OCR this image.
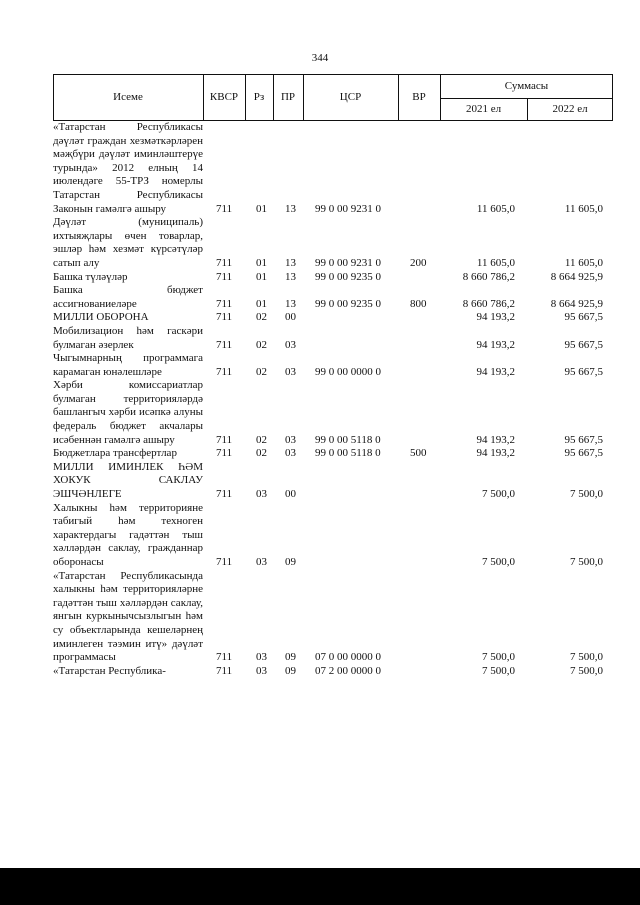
344
Исеме	КВСР	Рз	ПР	ЦСР	ВР
Суммасы
2021 ел	2022 ел
«Татарстан Республикасы дәүләт граждан хезмәткәрләрен мәҗбүри дәүләт иминләштерүе турында» 2012 елның 14 июлендәге 55-ТРЗ номерлы Татарстан Республикасы Законын гамәлгә ашыру	711 01 13 99 0 00 9231 0	11 605,0	11 605,0
Дәүләт (муниципаль) ихтыяҗлары өчен товарлар, эшләр һәм хезмәт күрсәтүләр сатып алу	711 01 13 99 0 00 9231 0	200	11 605,0	11 605,0
Башка түләүләр	711 01 13 99 0 00 9235 0	8 660 786,2	8 664 925,9
Башка бюджет ассигнованиеләре	711 01 13 99 0 00 9235 0	800	8 660 786,2	8 664 925,9
МИЛЛИ ОБОРОНА	711 02 00	94 193,2	95 667,5
Мобилизацион һәм гаскәри булмаган әзерлек	711 02 03	94 193,2	95 667,5
Чыгымнарның программага карамаган юнәлешләре	711 02 03 99 0 00 0000 0	94 193,2	95 667,5
Хәрби комиссариатлар булмаган территорияләрдә башлангыч хәрби исәпкә алуны федераль бюджет акчалары исәбеннән гамәлгә ашыру	711 02 03 99 0 00 5118 0	94 193,2	95 667,5
Бюджетлара трансфертлар	711 02 03 99 0 00 5118 0	500	94 193,2	95 667,5
МИЛЛИ ИМИНЛЕК ҺӘМ ХОКУК САКЛАУ ЭШЧӘНЛЕГЕ	711 03 00	7 500,0	7 500,0
Халыкны һәм территорияне табигый һәм техноген характердагы гадәттән тыш хәлләрдән саклау, гражданнар оборонасы	711 03 09	7 500,0	7 500,0
«Татарстан Республикасында халыкны һәм территорияләрне гадәттән тыш хәлләрдән саклау, янгын куркынычсызлыгын һәм су объектларында кешеләрнең иминлеген тәэмин итү» дәүләт программасы	711 03 09 07 0 00 0000 0	7 500,0	7 500,0
«Татарстан Республика-	711 03 09 07 2 00 0000 0	7 500,0	7 500,0
